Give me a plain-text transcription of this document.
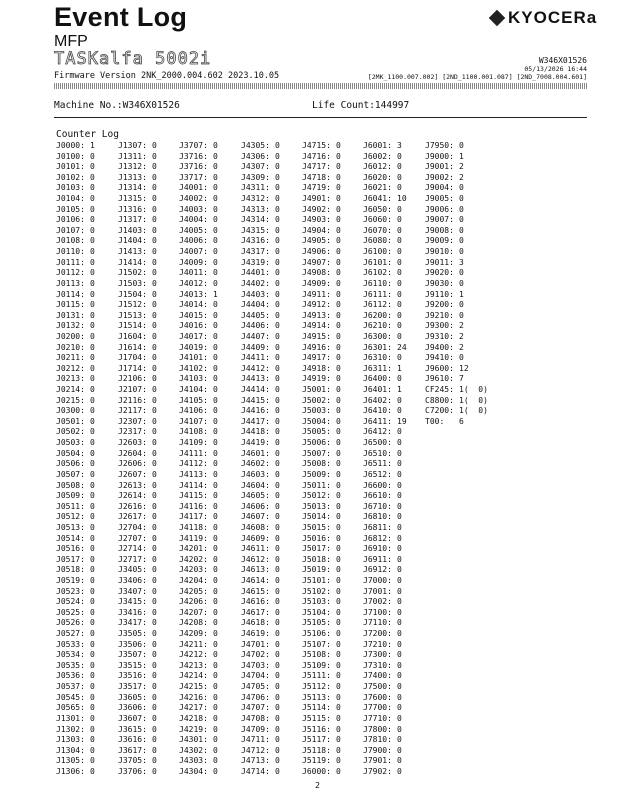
Event Log
MFP
TASKalfa 5002i
Firmware Version 2NK_2000.004.602 2023.10.05
KYOCERa
W346X01526
05/13/2026 16:44
[2MK_1100.007.002] [2ND_1100.001.087] [2ND_7008.004.601]
Machine No.:W346X01526	Life Count:144997
Counter Log
J0000: 1
J0100: 0
J0101: 0
J0102: 0
J0103: 0
J0104: 0
J0105: 0
J0106: 0
J0107: 0
J0108: 0
J0110: 0
J0111: 0
J0112: 0
J0113: 0
J0114: 0
J0115: 0
J0131: 0
J0132: 0
J0200: 0
J0210: 0
J0211: 0
J0212: 0
J0213: 0
J0214: 0
J0215: 0
J0300: 0
J0501: 0
J0502: 0
J0503: 0
J0504: 0
J0506: 0
J0507: 0
J0508: 0
J0509: 0
J0511: 0
J0512: 0
J0513: 0
J0514: 0
J0516: 0
J0517: 0
J0518: 0
J0519: 0
J0523: 0
J0524: 0
J0525: 0
J0526: 0
J0527: 0
J0533: 0
J0534: 0
J0535: 0
J0536: 0
J0537: 0
J0545: 0
J0565: 0
J1301: 0
J1302: 0
J1303: 0
J1304: 0
J1305: 0
J1306: 0
J1307: 0
J1311: 0
J1312: 0
J1313: 0
J1314: 0
J1315: 0
J1316: 0
J1317: 0
J1403: 0
J1404: 0
J1413: 0
J1414: 0
J1502: 0
J1503: 0
J1504: 0
J1512: 0
J1513: 0
J1514: 0
J1604: 0
J1614: 0
J1704: 0
J1714: 0
J2106: 0
J2107: 0
J2116: 0
J2117: 0
J2307: 0
J2317: 0
J2603: 0
J2604: 0
J2606: 0
J2607: 0
J2613: 0
J2614: 0
J2616: 0
J2617: 0
J2704: 0
J2707: 0
J2714: 0
J2717: 0
J3405: 0
J3406: 0
J3407: 0
J3415: 0
J3416: 0
J3417: 0
J3505: 0
J3506: 0
J3507: 0
J3515: 0
J3516: 0
J3517: 0
J3605: 0
J3606: 0
J3607: 0
J3615: 0
J3616: 0
J3617: 0
J3705: 0
J3706: 0
J3707: 0
J3716: 0
J3716: 0
J3717: 0
J4001: 0
J4002: 0
J4003: 0
J4004: 0
J4005: 0
J4006: 0
J4007: 0
J4009: 0
J4011: 0
J4012: 0
J4013: 1
J4014: 0
J4015: 0
J4016: 0
J4017: 0
J4019: 0
J4101: 0
J4102: 0
J4103: 0
J4104: 0
J4105: 0
J4106: 0
J4107: 0
J4108: 0
J4109: 0
J4111: 0
J4112: 0
J4113: 0
J4114: 0
J4115: 0
J4116: 0
J4117: 0
J4118: 0
J4119: 0
J4201: 0
J4202: 0
J4203: 0
J4204: 0
J4205: 0
J4206: 0
J4207: 0
J4208: 0
J4209: 0
J4211: 0
J4212: 0
J4213: 0
J4214: 0
J4215: 0
J4216: 0
J4217: 0
J4218: 0
J4219: 0
J4301: 0
J4302: 0
J4303: 0
J4304: 0
J4305: 0
J4306: 0
J4307: 0
J4309: 0
J4311: 0
J4312: 0
J4313: 0
J4314: 0
J4315: 0
J4316: 0
J4317: 0
J4319: 0
J4401: 0
J4402: 0
J4403: 0
J4404: 0
J4405: 0
J4406: 0
J4407: 0
J4409: 0
J4411: 0
J4412: 0
J4413: 0
J4414: 0
J4415: 0
J4416: 0
J4417: 0
J4418: 0
J4419: 0
J4601: 0
J4602: 0
J4603: 0
J4604: 0
J4605: 0
J4606: 0
J4607: 0
J4608: 0
J4609: 0
J4611: 0
J4612: 0
J4613: 0
J4614: 0
J4615: 0
J4616: 0
J4617: 0
J4618: 0
J4619: 0
J4701: 0
J4702: 0
J4703: 0
J4704: 0
J4705: 0
J4706: 0
J4707: 0
J4708: 0
J4709: 0
J4711: 0
J4712: 0
J4713: 0
J4714: 0
J4715: 0
J4716: 0
J4717: 0
J4718: 0
J4719: 0
J4901: 0
J4902: 0
J4903: 0
J4904: 0
J4905: 0
J4906: 0
J4907: 0
J4908: 0
J4909: 0
J4911: 0
J4912: 0
J4913: 0
J4914: 0
J4915: 0
J4916: 0
J4917: 0
J4918: 0
J4919: 0
J5001: 0
J5002: 0
J5003: 0
J5004: 0
J5005: 0
J5006: 0
J5007: 0
J5008: 0
J5009: 0
J5011: 0
J5012: 0
J5013: 0
J5014: 0
J5015: 0
J5016: 0
J5017: 0
J5018: 0
J5019: 0
J5101: 0
J5102: 0
J5103: 0
J5104: 0
J5105: 0
J5106: 0
J5107: 0
J5108: 0
J5109: 0
J5111: 0
J5112: 0
J5113: 0
J5114: 0
J5115: 0
J5116: 0
J5117: 0
J5118: 0
J5119: 0
J6000: 0
J6001: 3
J6002: 0
J6012: 0
J6020: 0
J6021: 0
J6041: 10
J6050: 0
J6060: 0
J6070: 0
J6080: 0
J6100: 0
J6101: 0
J6102: 0
J6110: 0
J6111: 0
J6112: 0
J6200: 0
J6210: 0
J6300: 0
J6301: 24
J6310: 0
J6311: 1
J6400: 0
J6401: 1
J6402: 0
J6410: 0
J6411: 19
J6412: 0
J6500: 0
J6510: 0
J6511: 0
J6512: 0
J6600: 0
J6610: 0
J6710: 0
J6810: 0
J6811: 0
J6812: 0
J6910: 0
J6911: 0
J6912: 0
J7000: 0
J7001: 0
J7002: 0
J7100: 0
J7110: 0
J7200: 0
J7210: 0
J7300: 0
J7310: 0
J7400: 0
J7500: 0
J7600: 0
J7700: 0
J7710: 0
J7800: 0
J7810: 0
J7900: 0
J7901: 0
J7902: 0
J7950: 0
J9000: 1
J9001: 2
J9002: 2
J9004: 0
J9005: 0
J9006: 0
J9007: 0
J9008: 0
J9009: 0
J9010: 0
J9011: 3
J9020: 0
J9030: 0
J9110: 1
J9200: 0
J9210: 0
J9300: 2
J9310: 2
J9400: 2
J9410: 0
J9600: 12
J9610: 7
CF245: 1(  0)
C8800: 1(  0)
C7200: 1(  0)
T00: 6
2
